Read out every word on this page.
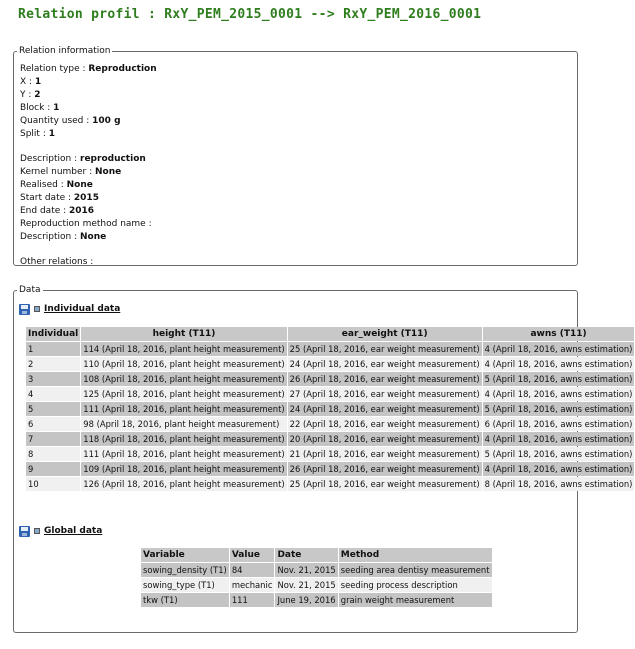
Relation profil : RxY_PEM_2015_0001 --> RxY_PEM_2016_0001
Relation information
Relation type : Reproduction
X : 1
Y : 2
Block : 1
Quantity used : 100 g
Split : 1
Description : reproduction
Kernel number : None
Realised : None
Start date : 2015
End date : 2016
Reproduction method name :
Description : None
Other relations :
Data
Individual data
Individual	height (T11)	ear_weight (T11)	awns (T11)
1	114 (April 18, 2016, plant height measurement)	25 (April 18, 2016, ear weight measurement)	4 (April 18, 2016, awns estimation)
2	110 (April 18, 2016, plant height measurement)	24 (April 18, 2016, ear weight measurement)	4 (April 18, 2016, awns estimation)
3	108 (April 18, 2016, plant height measurement)	26 (April 18, 2016, ear weight measurement)	5 (April 18, 2016, awns estimation)
4	125 (April 18, 2016, plant height measurement)	27 (April 18, 2016, ear weight measurement)	4 (April 18, 2016, awns estimation)
5	111 (April 18, 2016, plant height measurement)	24 (April 18, 2016, ear weight measurement)	5 (April 18, 2016, awns estimation)
6	98 (April 18, 2016, plant height measurement)	22 (April 18, 2016, ear weight measurement)	6 (April 18, 2016, awns estimation)
7	118 (April 18, 2016, plant height measurement)	20 (April 18, 2016, ear weight measurement)	4 (April 18, 2016, awns estimation)
8	111 (April 18, 2016, plant height measurement)	21 (April 18, 2016, ear weight measurement)	5 (April 18, 2016, awns estimation)
9	109 (April 18, 2016, plant height measurement)	26 (April 18, 2016, ear weight measurement)	4 (April 18, 2016, awns estimation)
10	126 (April 18, 2016, plant height measurement)	25 (April 18, 2016, ear weight measurement)	8 (April 18, 2016, awns estimation)
Global data
Variable	Value	Date	Method
sowing_density (T1)	84	Nov. 21, 2015	seeding area dentisy measurement
sowing_type (T1)	mechanic	Nov. 21, 2015	seeding process description
tkw (T1)	111	June 19, 2016	grain weight measurement
